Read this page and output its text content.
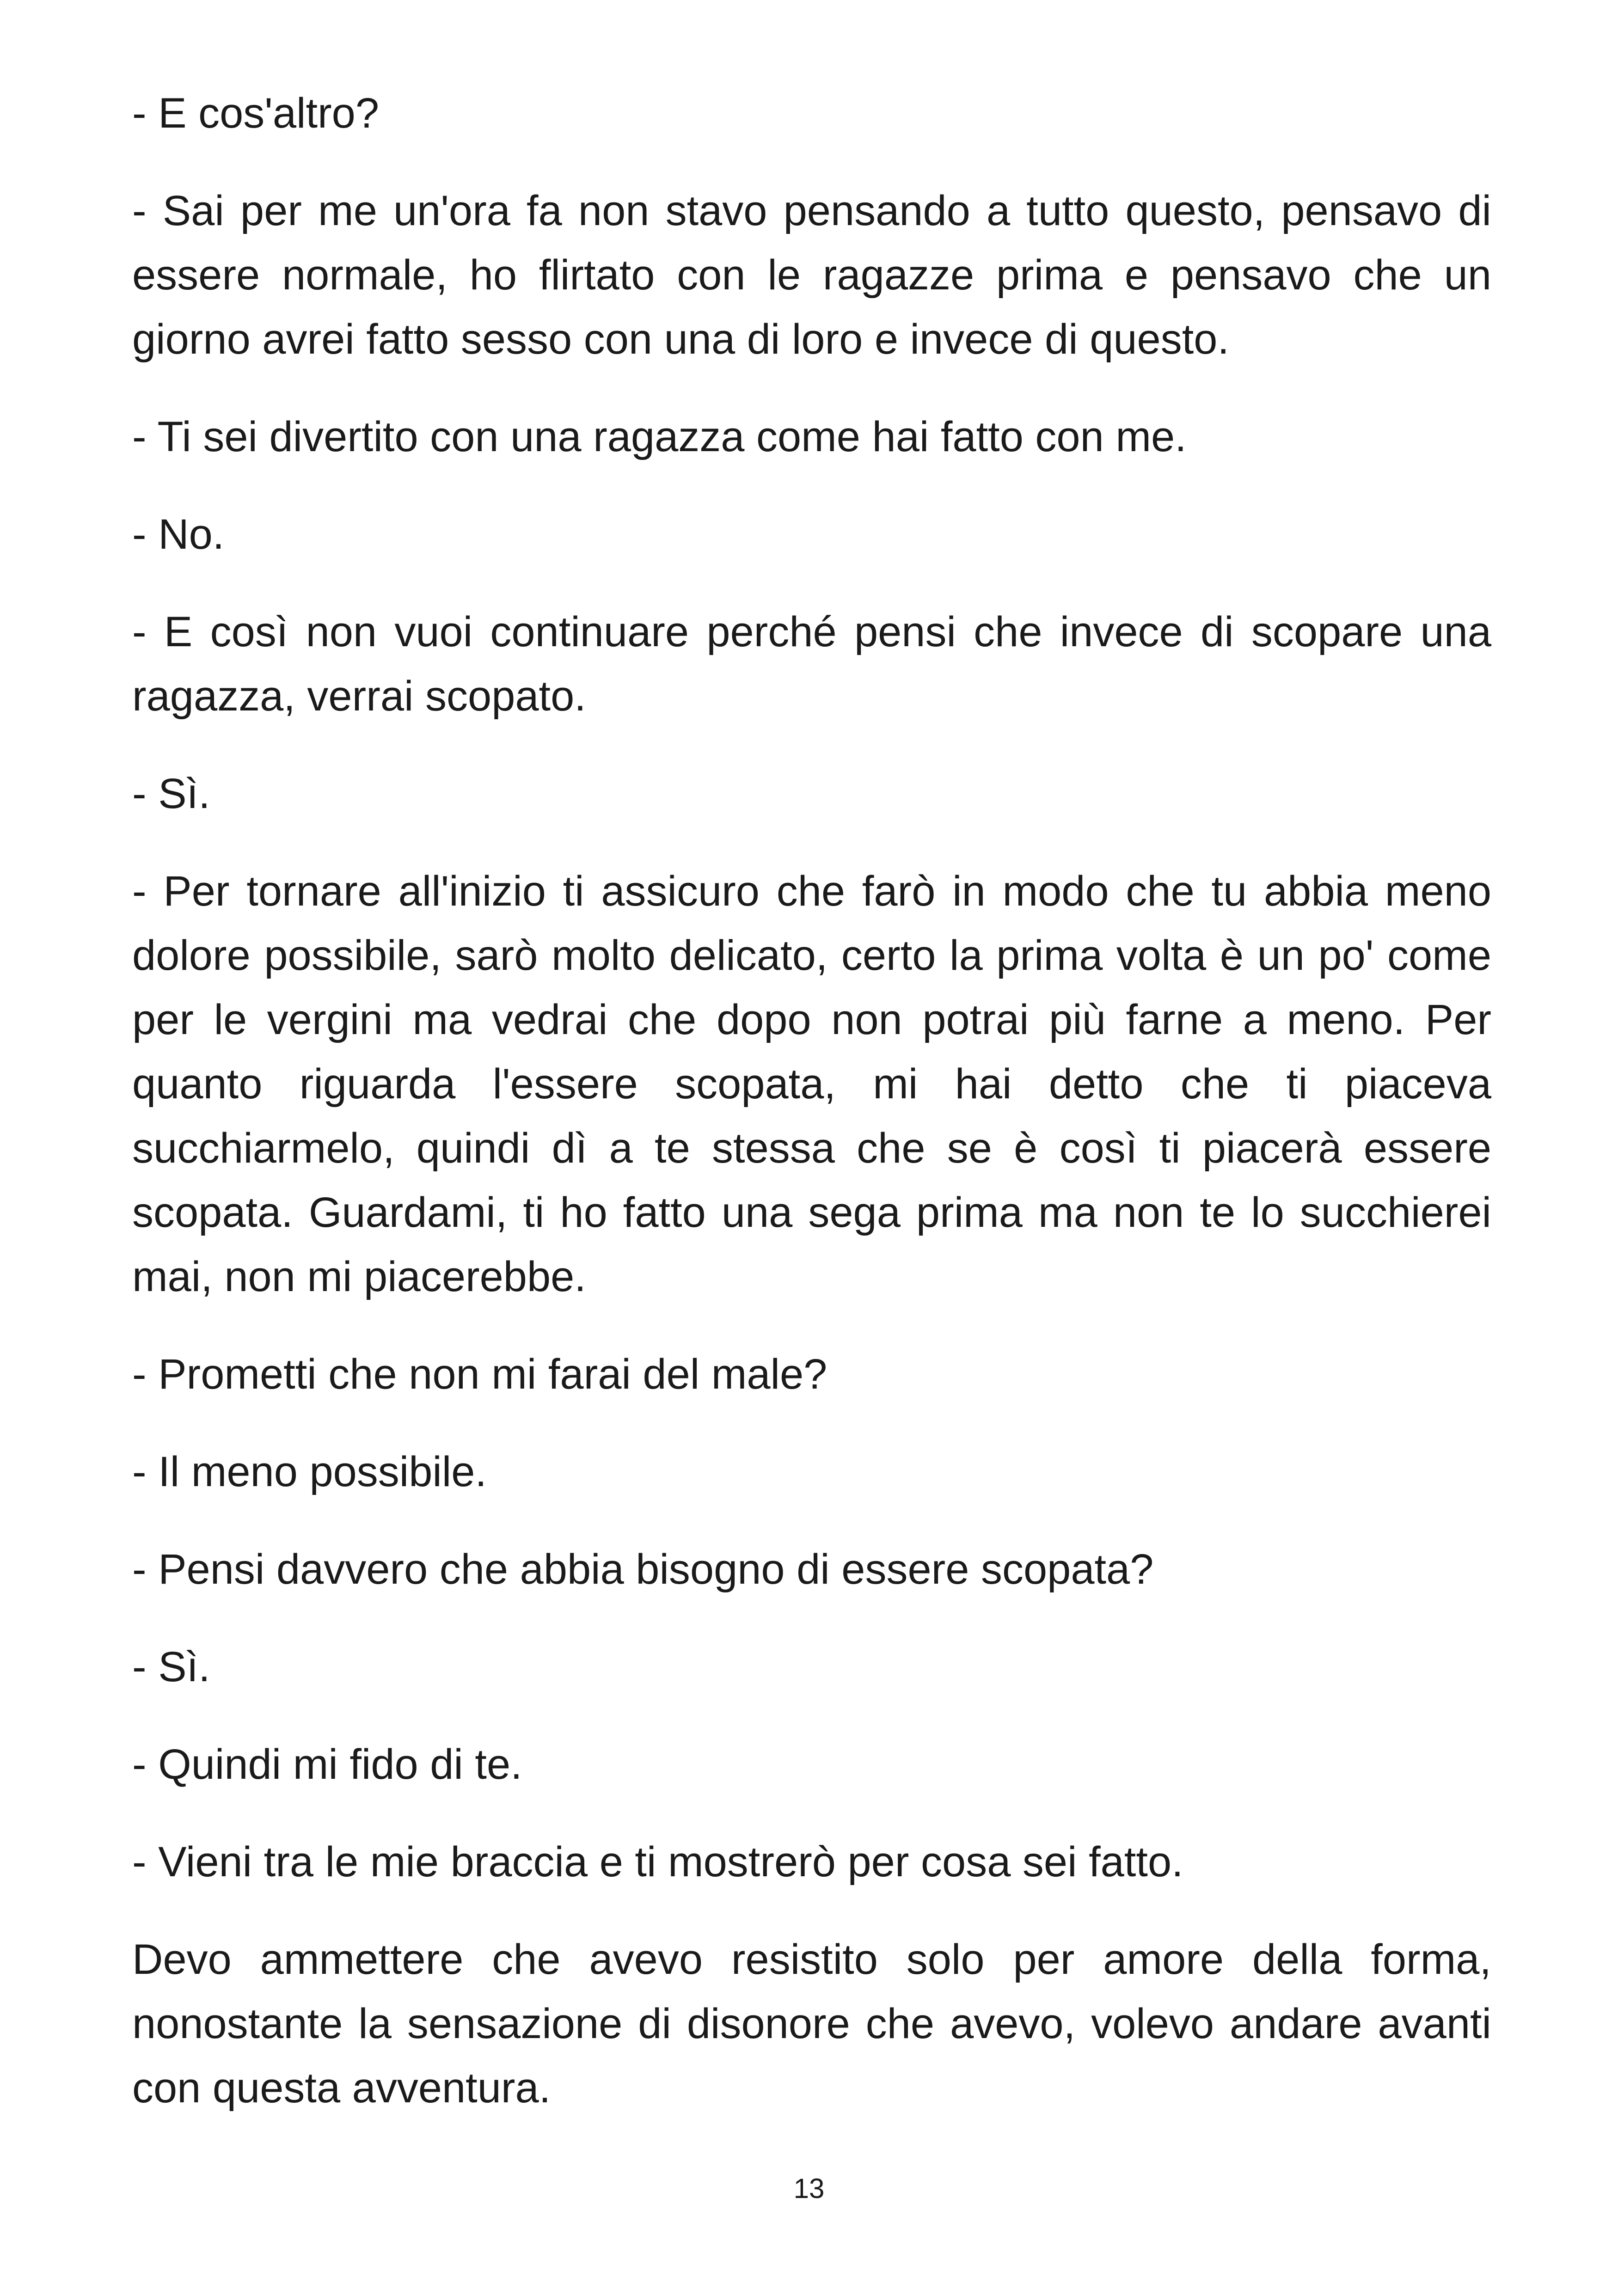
- E cos'altro?

- Sai per me un'ora fa non stavo pensando a tutto questo, pensavo di essere normale, ho flirtato con le ragazze prima e pensavo che un giorno avrei fatto sesso con una di loro e invece di questo.

- Ti sei divertito con una ragazza come hai fatto con me.

- No.

- E così non vuoi continuare perché pensi che invece di scopare una ragazza, verrai scopato.

- Sì.

- Per tornare all'inizio ti assicuro che farò in modo che tu abbia meno dolore possibile, sarò molto delicato, certo la prima volta è un po' come per le vergini ma vedrai che dopo non potrai più farne a meno. Per quanto riguarda l'essere scopata, mi hai detto che ti piaceva succhiarmelo, quindi dì a te stessa che se è così ti piacerà essere scopata. Guardami, ti ho fatto una sega prima ma non te lo succhierei mai, non mi piacerebbe.

- Prometti che non mi farai del male?

- Il meno possibile.

- Pensi davvero che abbia bisogno di essere scopata?

- Sì.

- Quindi mi fido di te.

- Vieni tra le mie braccia e ti mostrerò per cosa sei fatto.

Devo ammettere che avevo resistito solo per amore della forma, nonostante la sensazione di disonore che avevo, volevo andare avanti con questa avventura.

13
